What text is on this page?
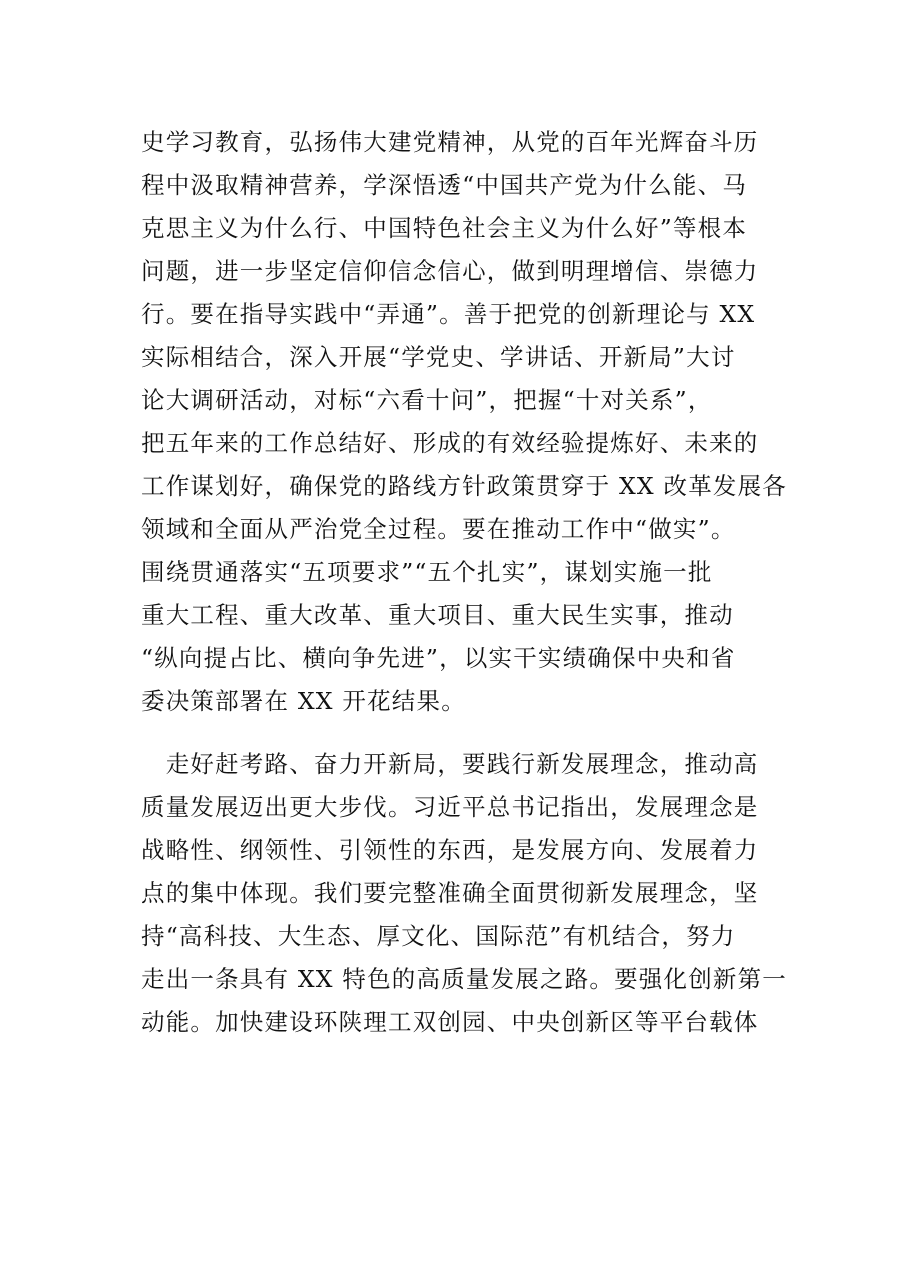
史学习教育，弘扬伟大建党精神，从党的百年光辉奋斗历
程中汲取精神营养，学深悟透“中国共产党为什么能、马
克思主义为什么行、中国特色社会主义为什么好”等根本
问题，进一步坚定信仰信念信心，做到明理增信、崇德力
行。要在指导实践中“弄通”。善于把党的创新理论与 XX
实际相结合，深入开展“学党史、学讲话、开新局”大讨
论大调研活动，对标“六看十问”，把握“十对关系”，
把五年来的工作总结好、形成的有效经验提炼好、未来的
工作谋划好，确保党的路线方针政策贯穿于 XX 改革发展各
领域和全面从严治党全过程。要在推动工作中“做实”。
围绕贯通落实“五项要求”“五个扎实”，谋划实施一批
重大工程、重大改革、重大项目、重大民生实事，推动
“纵向提占比、横向争先进”，以实干实绩确保中央和省
委决策部署在 XX 开花结果。

　走好赶考路、奋力开新局，要践行新发展理念，推动高
质量发展迈出更大步伐。习近平总书记指出，发展理念是
战略性、纲领性、引领性的东西，是发展方向、发展着力
点的集中体现。我们要完整准确全面贯彻新发展理念，坚
持“高科技、大生态、厚文化、国际范”有机结合，努力
走出一条具有 XX 特色的高质量发展之路。要强化创新第一
动能。加快建设环陕理工双创园、中央创新区等平台载体
